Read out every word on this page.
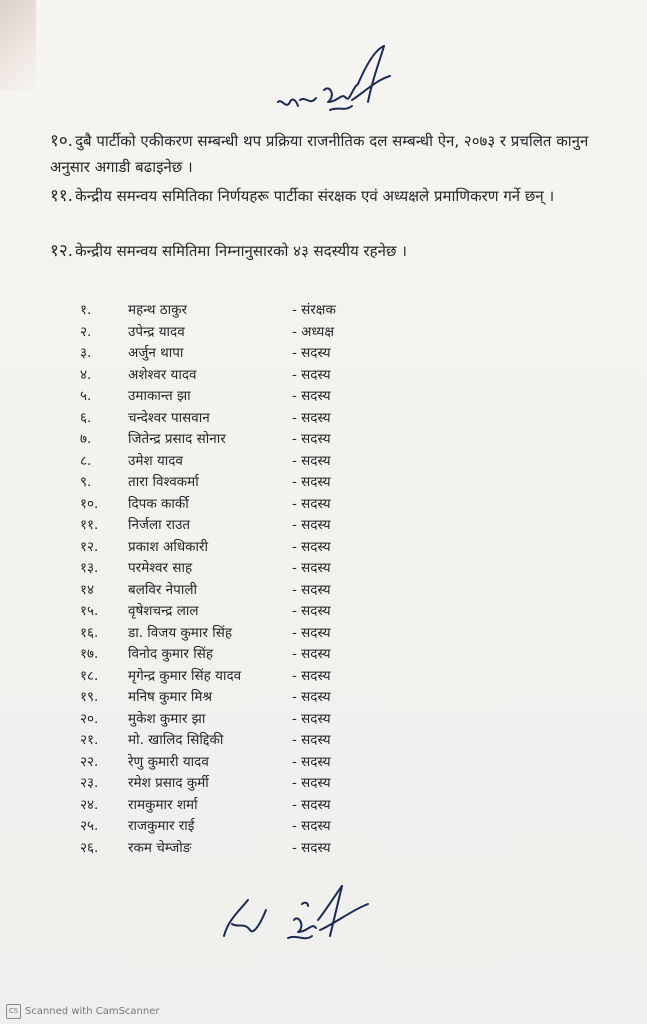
१०. दुबै पार्टीको एकीकरण सम्बन्धी थप प्रक्रिया राजनीतिक दल सम्बन्धी ऐन, २०७३ र प्रचलित कानुन अनुसार अगाडी बढाइनेछ ।
११. केन्द्रीय समन्वय समितिका निर्णयहरू पार्टीका संरक्षक एवं अध्यक्षले प्रमाणिकरण गर्ने छन् ।
१२. केन्द्रीय समन्वय समितिमा निम्नानुसारको ४३ सदस्यीय रहनेछ ।
१.	महन्थ ठाकुर	- संरक्षक
२.	उपेन्द्र यादव	- अध्यक्ष
३.	अर्जुन थापा	- सदस्य
४.	अशेश्वर यादव	- सदस्य
५.	उमाकान्त झा	- सदस्य
६.	चन्देश्वर पासवान	- सदस्य
७.	जितेन्द्र प्रसाद सोनार	- सदस्य
८.	उमेश यादव	- सदस्य
९.	तारा विश्वकर्मा	- सदस्य
१०.	दिपक कार्की	- सदस्य
११.	निर्जला राउत	- सदस्य
१२.	प्रकाश अधिकारी	- सदस्य
१३.	परमेश्वर साह	- सदस्य
१४	बलविर नेपाली	- सदस्य
१५.	वृषेशचन्द्र लाल	- सदस्य
१६.	डा. विजय कुमार सिंह	- सदस्य
१७.	विनोद कुमार सिंह	- सदस्य
१८.	मृगेन्द्र कुमार सिंह यादव	- सदस्य
१९.	मनिष कुमार मिश्र	- सदस्य
२०.	मुकेश कुमार झा	- सदस्य
२१.	मो. खालिद सिद्दिकी	- सदस्य
२२.	रेणु कुमारी यादव	- सदस्य
२३.	रमेश प्रसाद कुर्मी	- सदस्य
२४.	रामकुमार शर्मा	- सदस्य
२५.	राजकुमार राई	- सदस्य
२६.	रकम चेम्जोङ	- सदस्य
CS Scanned with CamScanner
